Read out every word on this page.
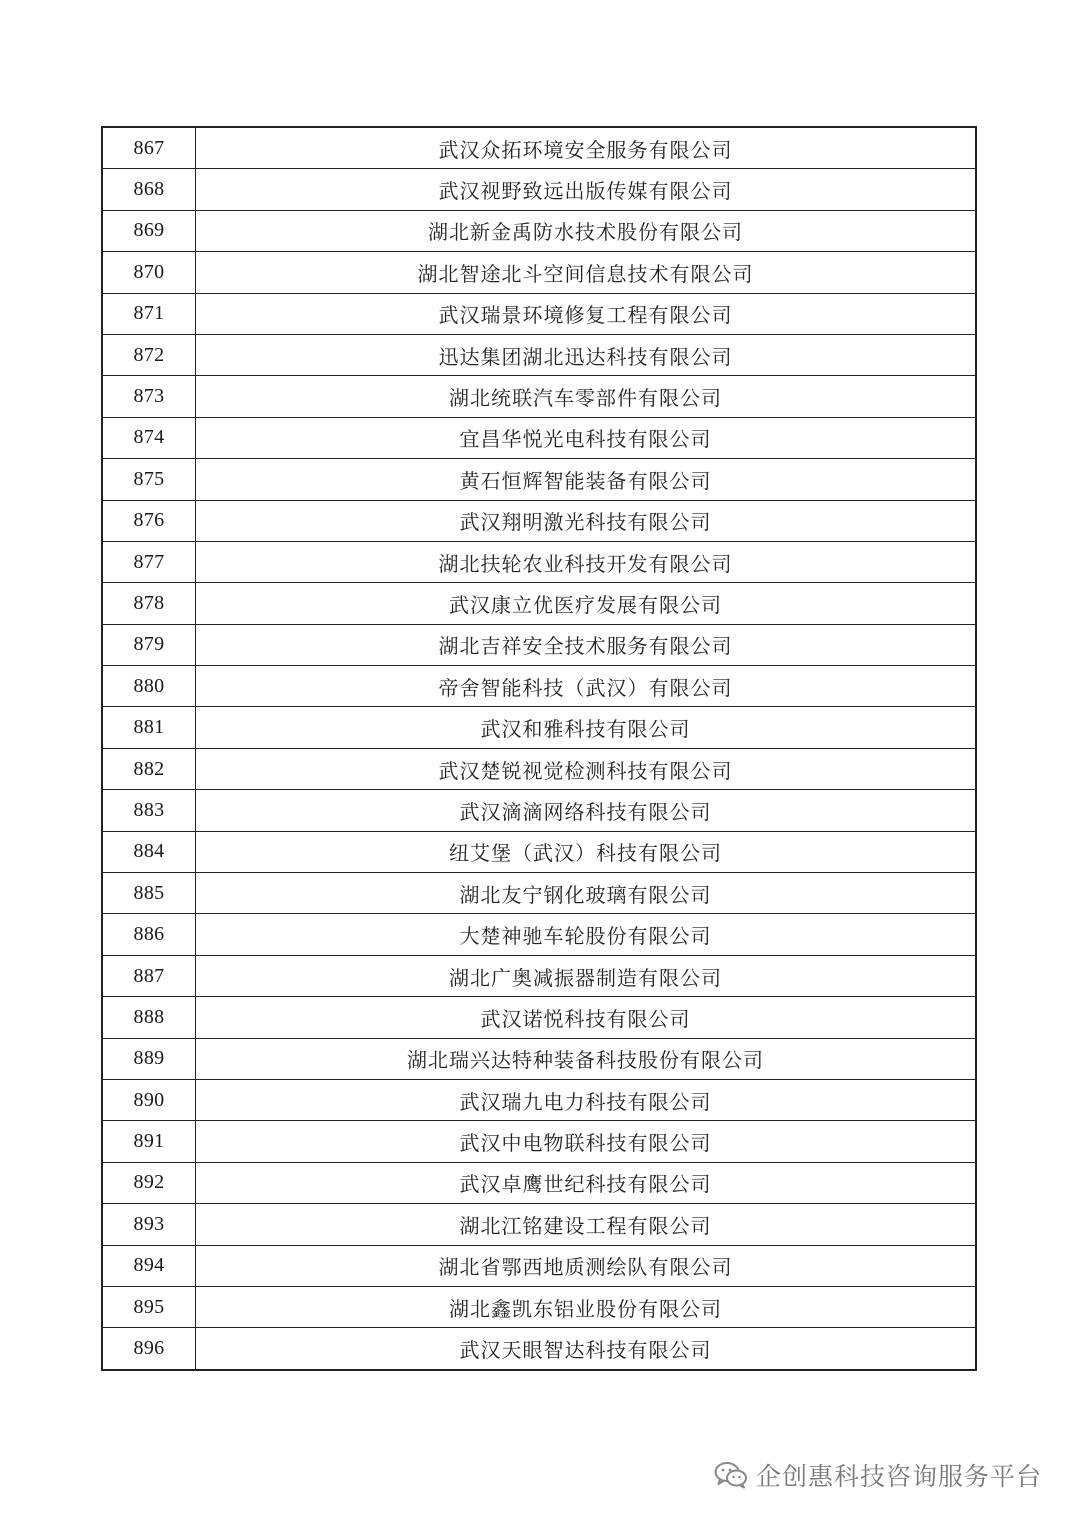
867	武汉众拓环境安全服务有限公司
868	武汉视野致远出版传媒有限公司
869	湖北新金禹防水技术股份有限公司
870	湖北智途北斗空间信息技术有限公司
871	武汉瑞景环境修复工程有限公司
872	迅达集团湖北迅达科技有限公司
873	湖北统联汽车零部件有限公司
874	宜昌华悦光电科技有限公司
875	黄石恒辉智能装备有限公司
876	武汉翔明激光科技有限公司
877	湖北扶轮农业科技开发有限公司
878	武汉康立优医疗发展有限公司
879	湖北吉祥安全技术服务有限公司
880	帝舍智能科技（武汉）有限公司
881	武汉和雅科技有限公司
882	武汉楚锐视觉检测科技有限公司
883	武汉滴滴网络科技有限公司
884	纽艾堡（武汉）科技有限公司
885	湖北友宁钢化玻璃有限公司
886	大楚神驰车轮股份有限公司
887	湖北广奥减振器制造有限公司
888	武汉诺悦科技有限公司
889	湖北瑞兴达特种装备科技股份有限公司
890	武汉瑞九电力科技有限公司
891	武汉中电物联科技有限公司
892	武汉卓鹰世纪科技有限公司
893	湖北江铭建设工程有限公司
894	湖北省鄂西地质测绘队有限公司
895	湖北鑫凯东铝业股份有限公司
896	武汉天眼智达科技有限公司
企创惠科技咨询服务平台
